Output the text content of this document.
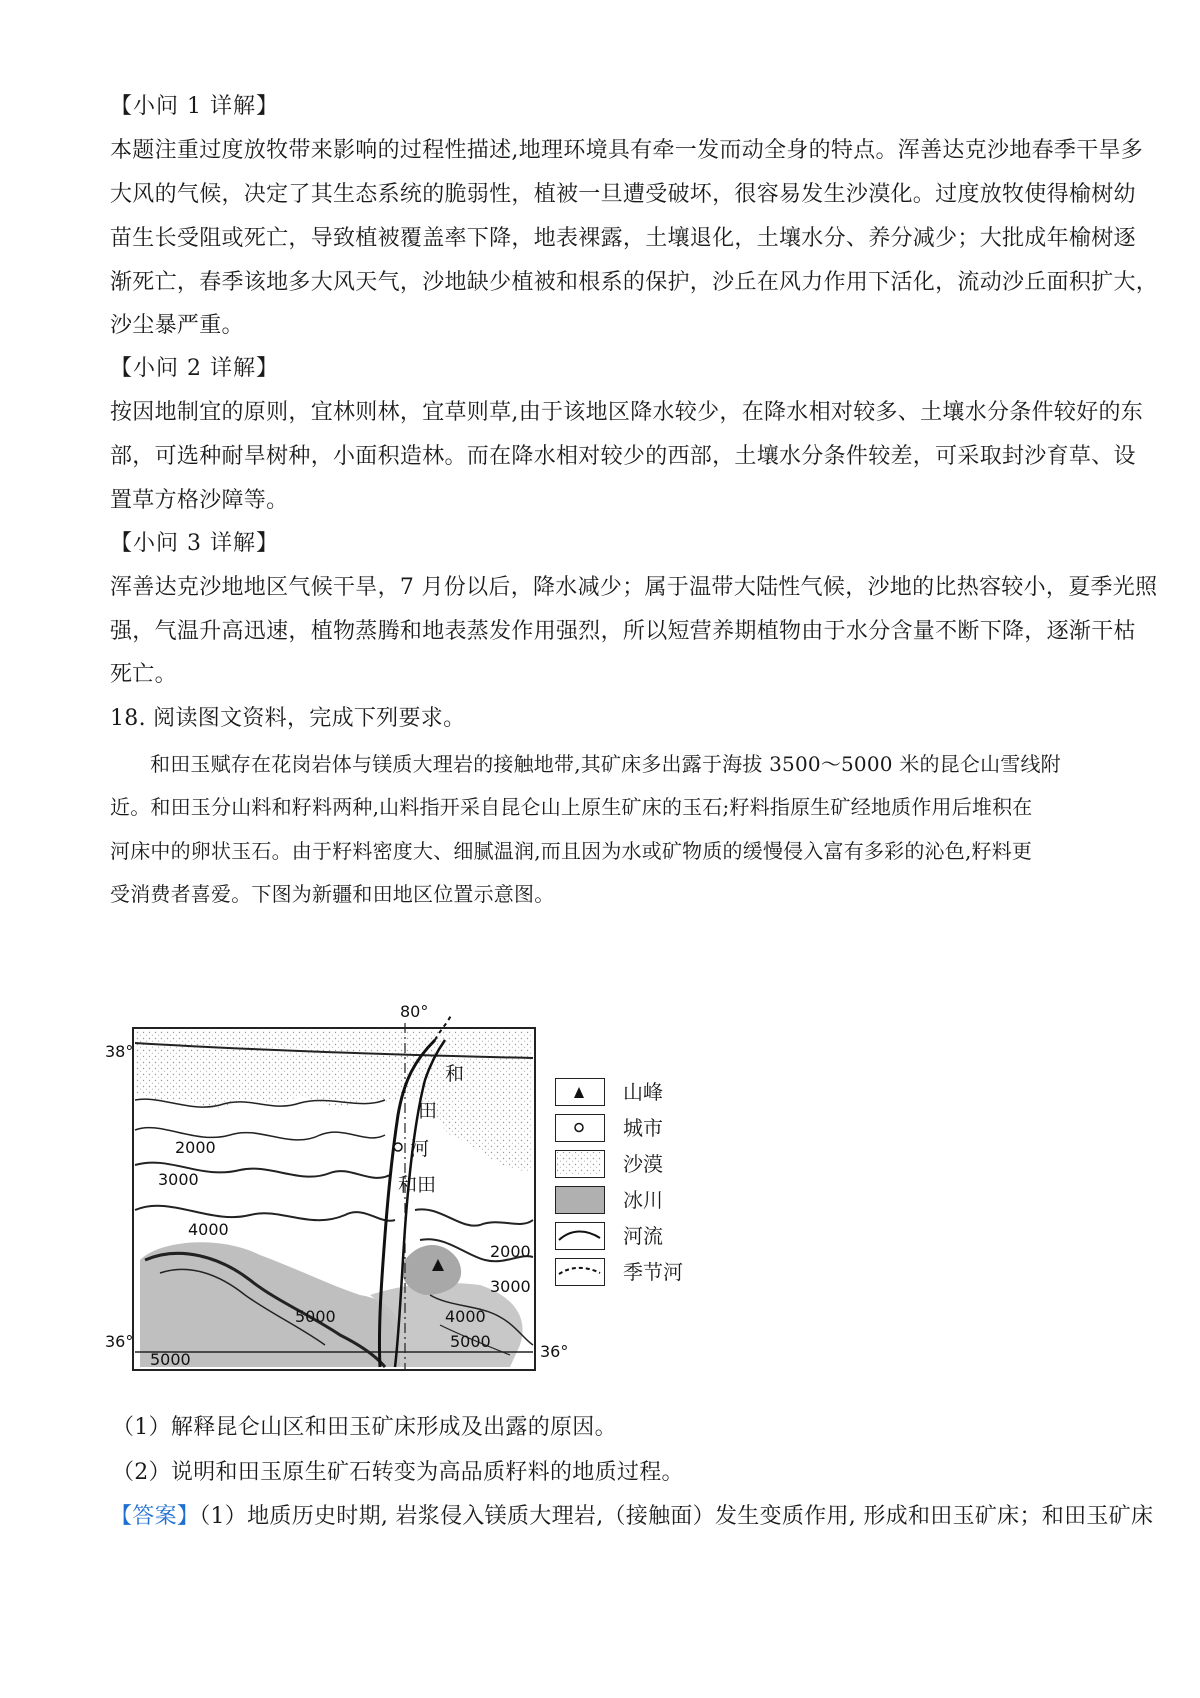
【小问 1 详解】
本题注重过度放牧带来影响的过程性描述,地理环境具有牵一发而动全身的特点。浑善达克沙地春季干旱多
大风的气候，决定了其生态系统的脆弱性，植被一旦遭受破坏，很容易发生沙漠化。过度放牧使得榆树幼
苗生长受阻或死亡，导致植被覆盖率下降，地表裸露，土壤退化，土壤水分、养分减少；大批成年榆树逐
渐死亡，春季该地多大风天气，沙地缺少植被和根系的保护，沙丘在风力作用下活化，流动沙丘面积扩大，
沙尘暴严重。
【小问 2 详解】
按因地制宜的原则，宜林则林，宜草则草,由于该地区降水较少，在降水相对较多、土壤水分条件较好的东
部，可选种耐旱树种，小面积造林。而在降水相对较少的西部，土壤水分条件较差，可采取封沙育草、设
置草方格沙障等。
【小问 3 详解】
浑善达克沙地地区气候干旱，7 月份以后，降水减少；属于温带大陆性气候，沙地的比热容较小，夏季光照
强，气温升高迅速，植物蒸腾和地表蒸发作用强烈，所以短营养期植物由于水分含量不断下降，逐渐干枯
死亡。
18. 阅读图文资料，完成下列要求。
和田玉赋存在花岗岩体与镁质大理岩的接触地带,其矿床多出露于海拔 3500～5000 米的昆仑山雪线附
近。和田玉分山料和籽料两种,山料指开采自昆仑山上原生矿床的玉石;籽料指原生矿经地质作用后堆积在
河床中的卵状玉石。由于籽料密度大、细腻温润,而且因为水或矿物质的缓慢侵入富有多彩的沁色,籽料更
受消费者喜爱。下图为新疆和田地区位置示意图。
38°
36°
36°
80°
和
田
河
和田
2000
3000
4000
5000
2000
3000
4000
5000
5000
山峰
城市
沙漠
冰川
河流
季节河
（1）解释昆仑山区和田玉矿床形成及出露的原因。
（2）说明和田玉原生矿石转变为高品质籽料的地质过程。
【答案】（1）地质历史时期, 岩浆侵入镁质大理岩,（接触面）发生变质作用, 形成和田玉矿床；和田玉矿床
